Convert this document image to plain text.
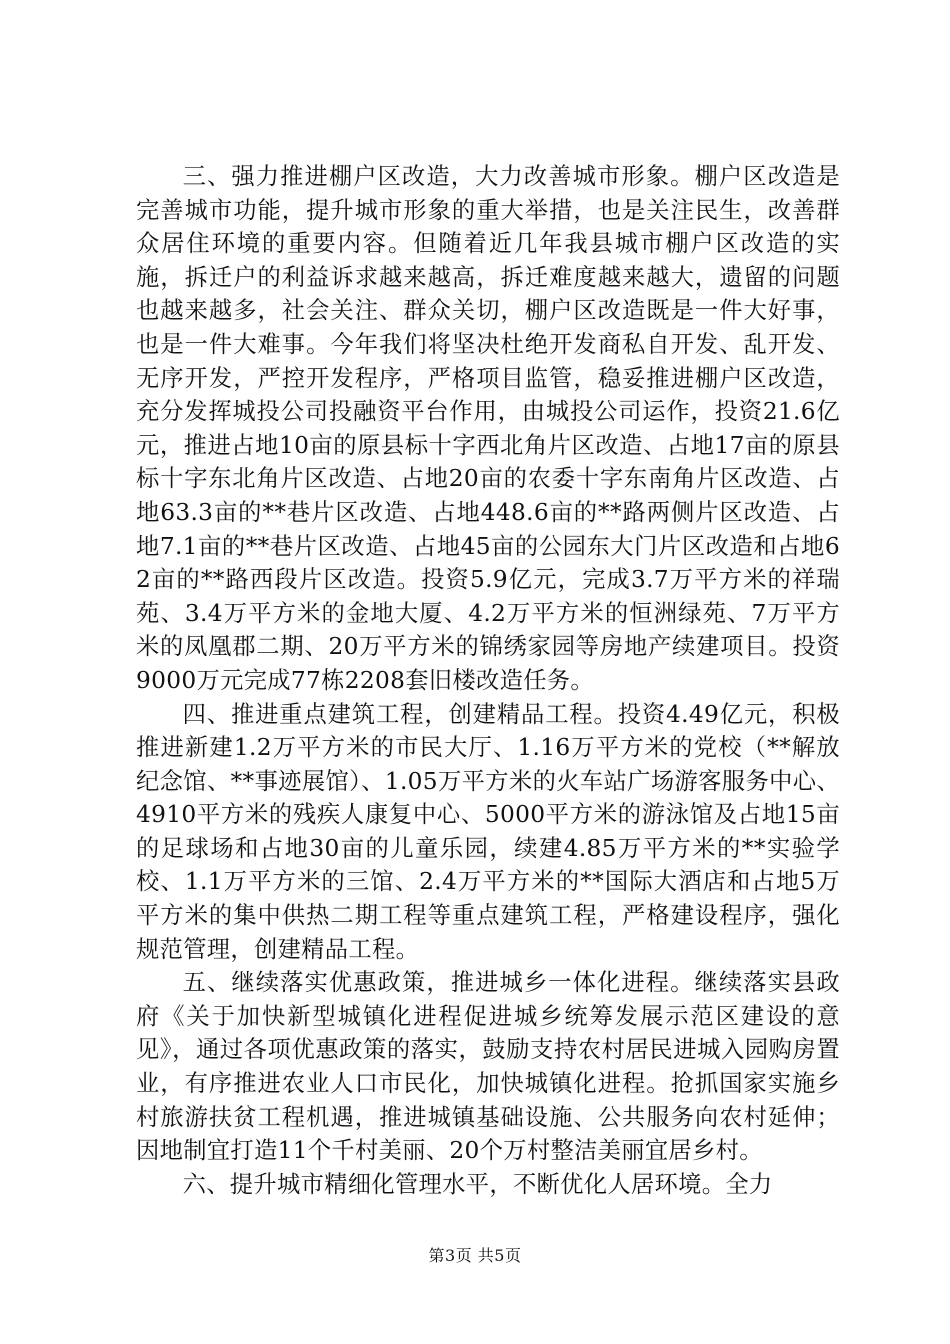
三、强力推进棚户区改造，大力改善城市形象。棚户区改造是完善城市功能，提升城市形象的重大举措，也是关注民生，改善群众居住环境的重要内容。但随着近几年我县城市棚户区改造的实施，拆迁户的利益诉求越来越高，拆迁难度越来越大，遗留的问题也越来越多，社会关注、群众关切，棚户区改造既是一件大好事，也是一件大难事。今年我们将坚决杜绝开发商私自开发、乱开发、无序开发，严控开发程序，严格项目监管，稳妥推进棚户区改造，充分发挥城投公司投融资平台作用，由城投公司运作，投资21.6亿元，推进占地10亩的原县标十字西北角片区改造、占地17亩的原县标十字东北角片区改造、占地20亩的农委十字东南角片区改造、占地63.3亩的**巷片区改造、占地448.6亩的**路两侧片区改造、占地7.1亩的**巷片区改造、占地45亩的公园东大门片区改造和占地62亩的**路西段片区改造。投资5.9亿元，完成3.7万平方米的祥瑞苑、3.4万平方米的金地大厦、4.2万平方米的恒洲绿苑、7万平方米的凤凰郡二期、20万平方米的锦绣家园等房地产续建项目。投资9000万元完成77栋2208套旧楼改造任务。

四、推进重点建筑工程，创建精品工程。投资4.49亿元，积极推进新建1.2万平方米的市民大厅、1.16万平方米的党校（**解放纪念馆、**事迹展馆）、1.05万平方米的火车站广场游客服务中心、4910平方米的残疾人康复中心、5000平方米的游泳馆及占地15亩的足球场和占地30亩的儿童乐园，续建4.85万平方米的**实验学校、1.1万平方米的三馆、2.4万平方米的**国际大酒店和占地5万平方米的集中供热二期工程等重点建筑工程，严格建设程序，强化规范管理，创建精品工程。

五、继续落实优惠政策，推进城乡一体化进程。继续落实县政府《关于加快新型城镇化进程促进城乡统筹发展示范区建设的意见》，通过各项优惠政策的落实，鼓励支持农村居民进城入园购房置业，有序推进农业人口市民化，加快城镇化进程。抢抓国家实施乡村旅游扶贫工程机遇，推进城镇基础设施、公共服务向农村延伸；因地制宜打造11个千村美丽、20个万村整洁美丽宜居乡村。

六、提升城市精细化管理水平，不断优化人居环境。全力

第3页 共5页
